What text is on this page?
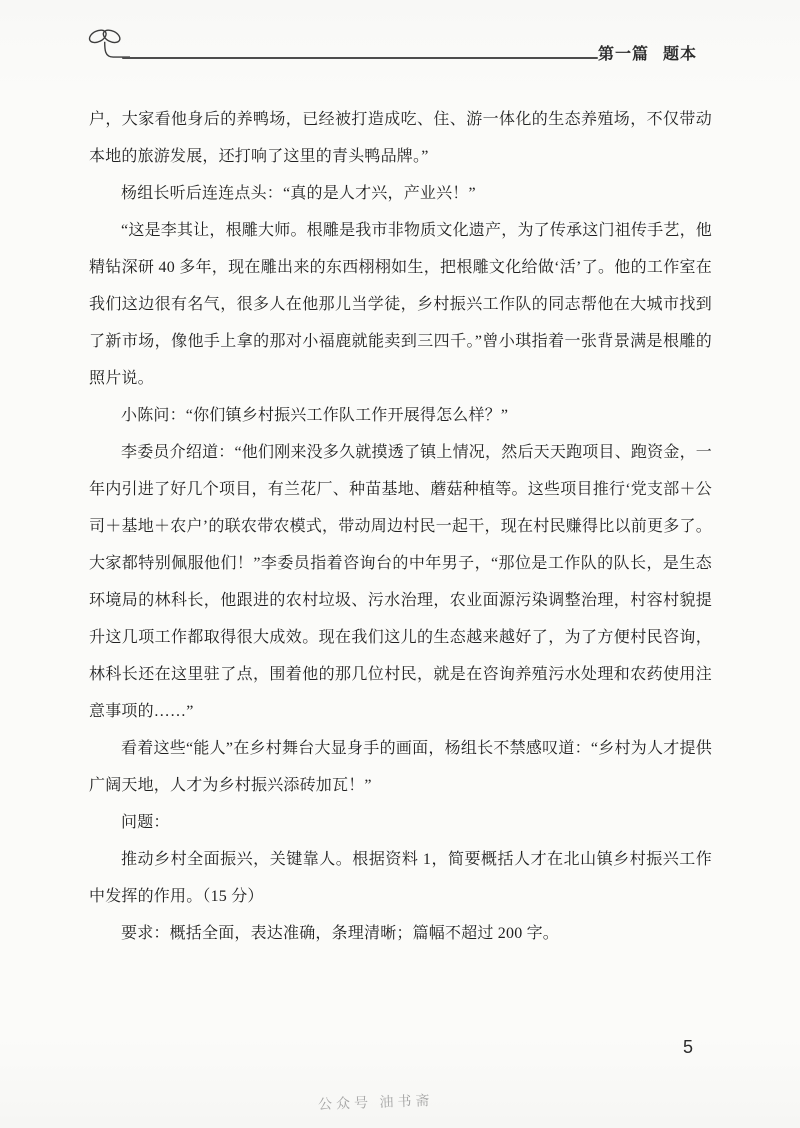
第一篇 题本

户，大家看他身后的养鸭场，已经被打造成吃、住、游一体化的生态养殖场，不仅带动本地的旅游发展，还打响了这里的青头鸭品牌。”

杨组长听后连连点头：“真的是人才兴，产业兴！”

“这是李其让，根雕大师。根雕是我市非物质文化遗产，为了传承这门祖传手艺，他精钻深研 40 多年，现在雕出来的东西栩栩如生，把根雕文化给做‘活’了。他的工作室在我们这边很有名气，很多人在他那儿当学徒，乡村振兴工作队的同志帮他在大城市找到了新市场，像他手上拿的那对小福鹿就能卖到三四千。”曾小琪指着一张背景满是根雕的照片说。

小陈问：“你们镇乡村振兴工作队工作开展得怎么样？”

李委员介绍道：“他们刚来没多久就摸透了镇上情况，然后天天跑项目、跑资金，一年内引进了好几个项目，有兰花厂、种苗基地、蘑菇种植等。这些项目推行‘党支部＋公司＋基地＋农户’的联农带农模式，带动周边村民一起干，现在村民赚得比以前更多了。大家都特别佩服他们！”李委员指着咨询台的中年男子，“那位是工作队的队长，是生态环境局的林科长，他跟进的农村垃圾、污水治理，农业面源污染调整治理，村容村貌提升这几项工作都取得很大成效。现在我们这儿的生态越来越好了，为了方便村民咨询，林科长还在这里驻了点，围着他的那几位村民，就是在咨询养殖污水处理和农药使用注意事项的……”

看着这些“能人”在乡村舞台大显身手的画面，杨组长不禁感叹道：“乡村为人才提供广阔天地，人才为乡村振兴添砖加瓦！”

问题：

推动乡村全面振兴，关键靠人。根据资料 1，简要概括人才在北山镇乡村振兴工作中发挥的作用。（15 分）

要求：概括全面，表达准确，条理清晰；篇幅不超过 200 字。

5
公众号 油书斋
